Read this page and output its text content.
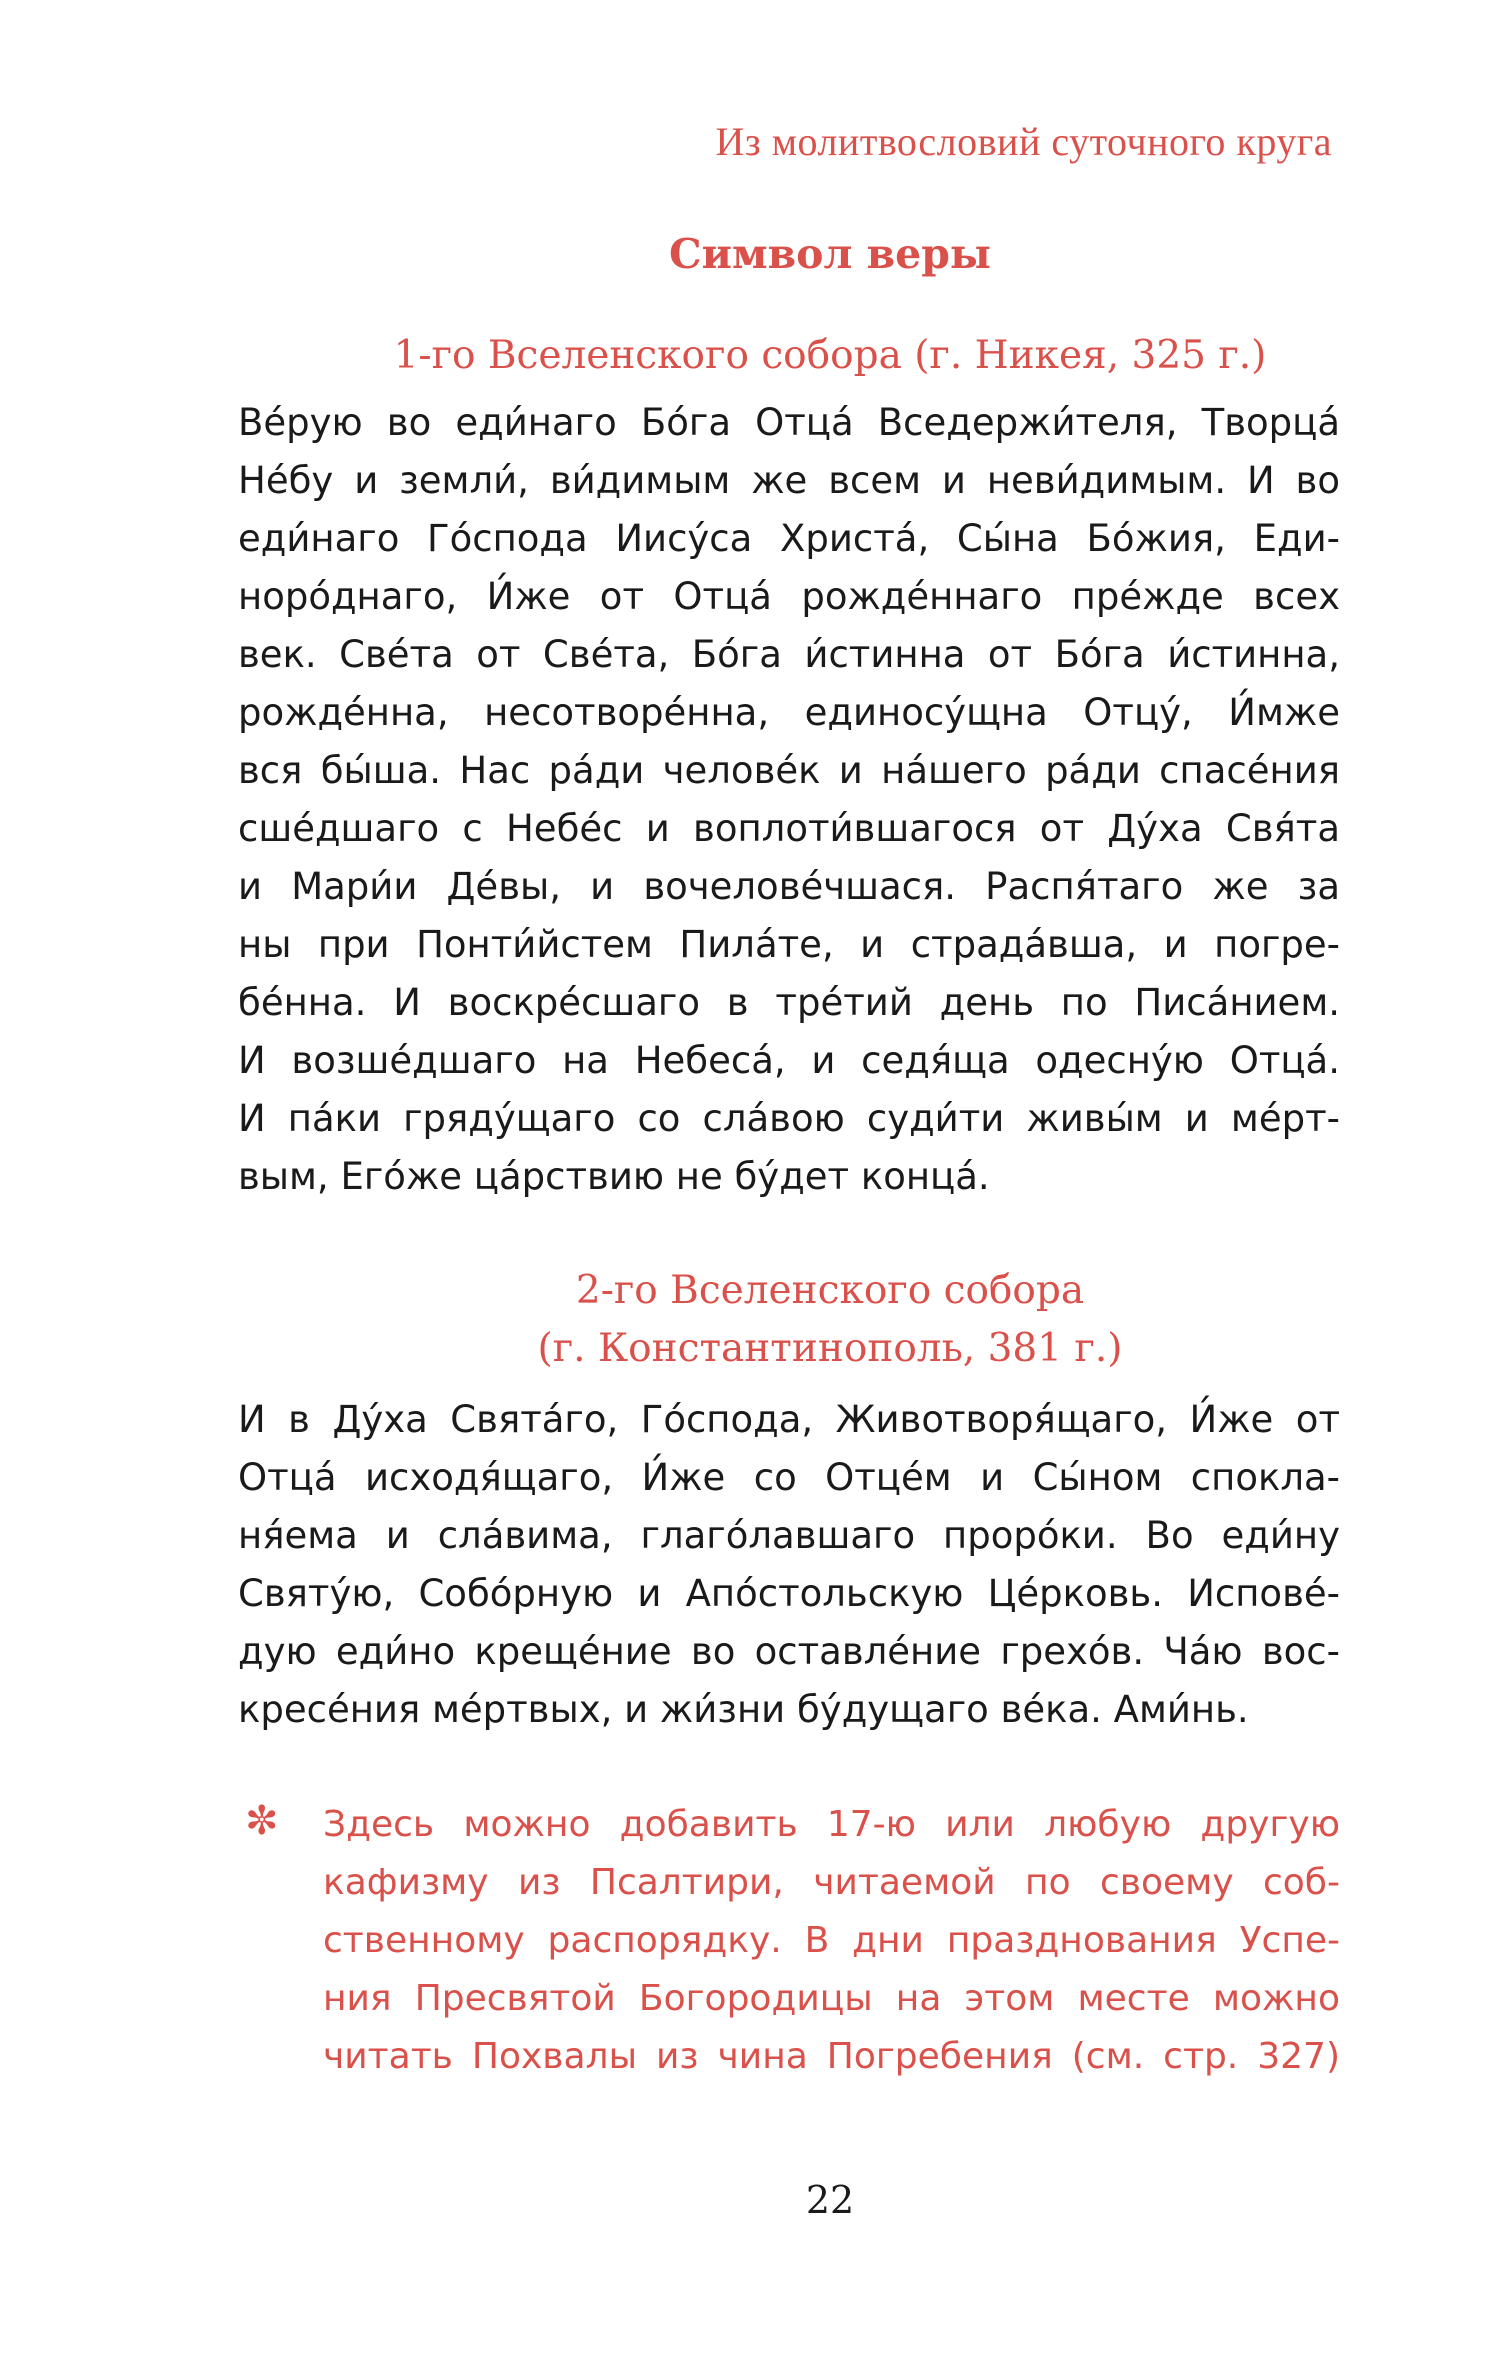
Из молитвословий суточного круга
Символ веры
1-го Вселенского собора (г. Никея, 325 г.)
Ве́рую во еди́наго Бо́га Отца́ Вседержи́теля, Творца́
Не́бу и земли́, ви́димым же всем и неви́димым. И во
еди́наго Го́спода Иису́са Христа́, Сы́на Бо́жия, Еди-
норо́днаго, И́же от Отца́ рожде́ннаго пре́жде всех
век. Све́та от Све́та, Бо́га и́стинна от Бо́га и́стинна,
рожде́нна, несотворе́нна, единосу́щна Отцу́, И́мже
вся бы́ша. Нас ра́ди челове́к и на́шего ра́ди спасе́ния
сше́дшаго с Небе́с и воплоти́вшагося от Ду́ха Свя́та
и Мари́и Де́вы, и вочелове́чшася. Распя́таго же за
ны при Понти́йстем Пила́те, и страда́вша, и погре-
бе́нна. И воскре́сшаго в тре́тий день по Писа́нием.
И возше́дшаго на Небеса́, и седя́ща одесну́ю Отца́.
И па́ки гряду́щаго со сла́вою суди́ти живы́м и ме́рт-
вым, Его́же ца́рствию не бу́дет конца́.
2-го Вселенского собора
(г. Константинополь, 381 г.)
И в Ду́ха Свята́го, Го́спода, Животворя́щаго, И́же от
Отца́ исходя́щаго, И́же со Отце́м и Сы́ном спокла-
ня́ема и сла́вима, глаго́лавшаго проро́ки. Во еди́ну
Святу́ю, Собо́рную и Апо́стольскую Це́рковь. Испове́-
дую еди́но креще́ние во оставле́ние грехо́в. Ча́ю вос-
кресе́ния ме́ртвых, и жи́зни бу́дущаго ве́ка. Ами́нь.
✼ Здесь можно добавить 17-ю или любую другую
кафизму из Псалтири, читаемой по своему соб-
ственному распорядку. В дни празднования Успе-
ния Пресвятой Богородицы на этом месте можно
читать Похвалы из чина Погребения (см. стр. 327)
22
